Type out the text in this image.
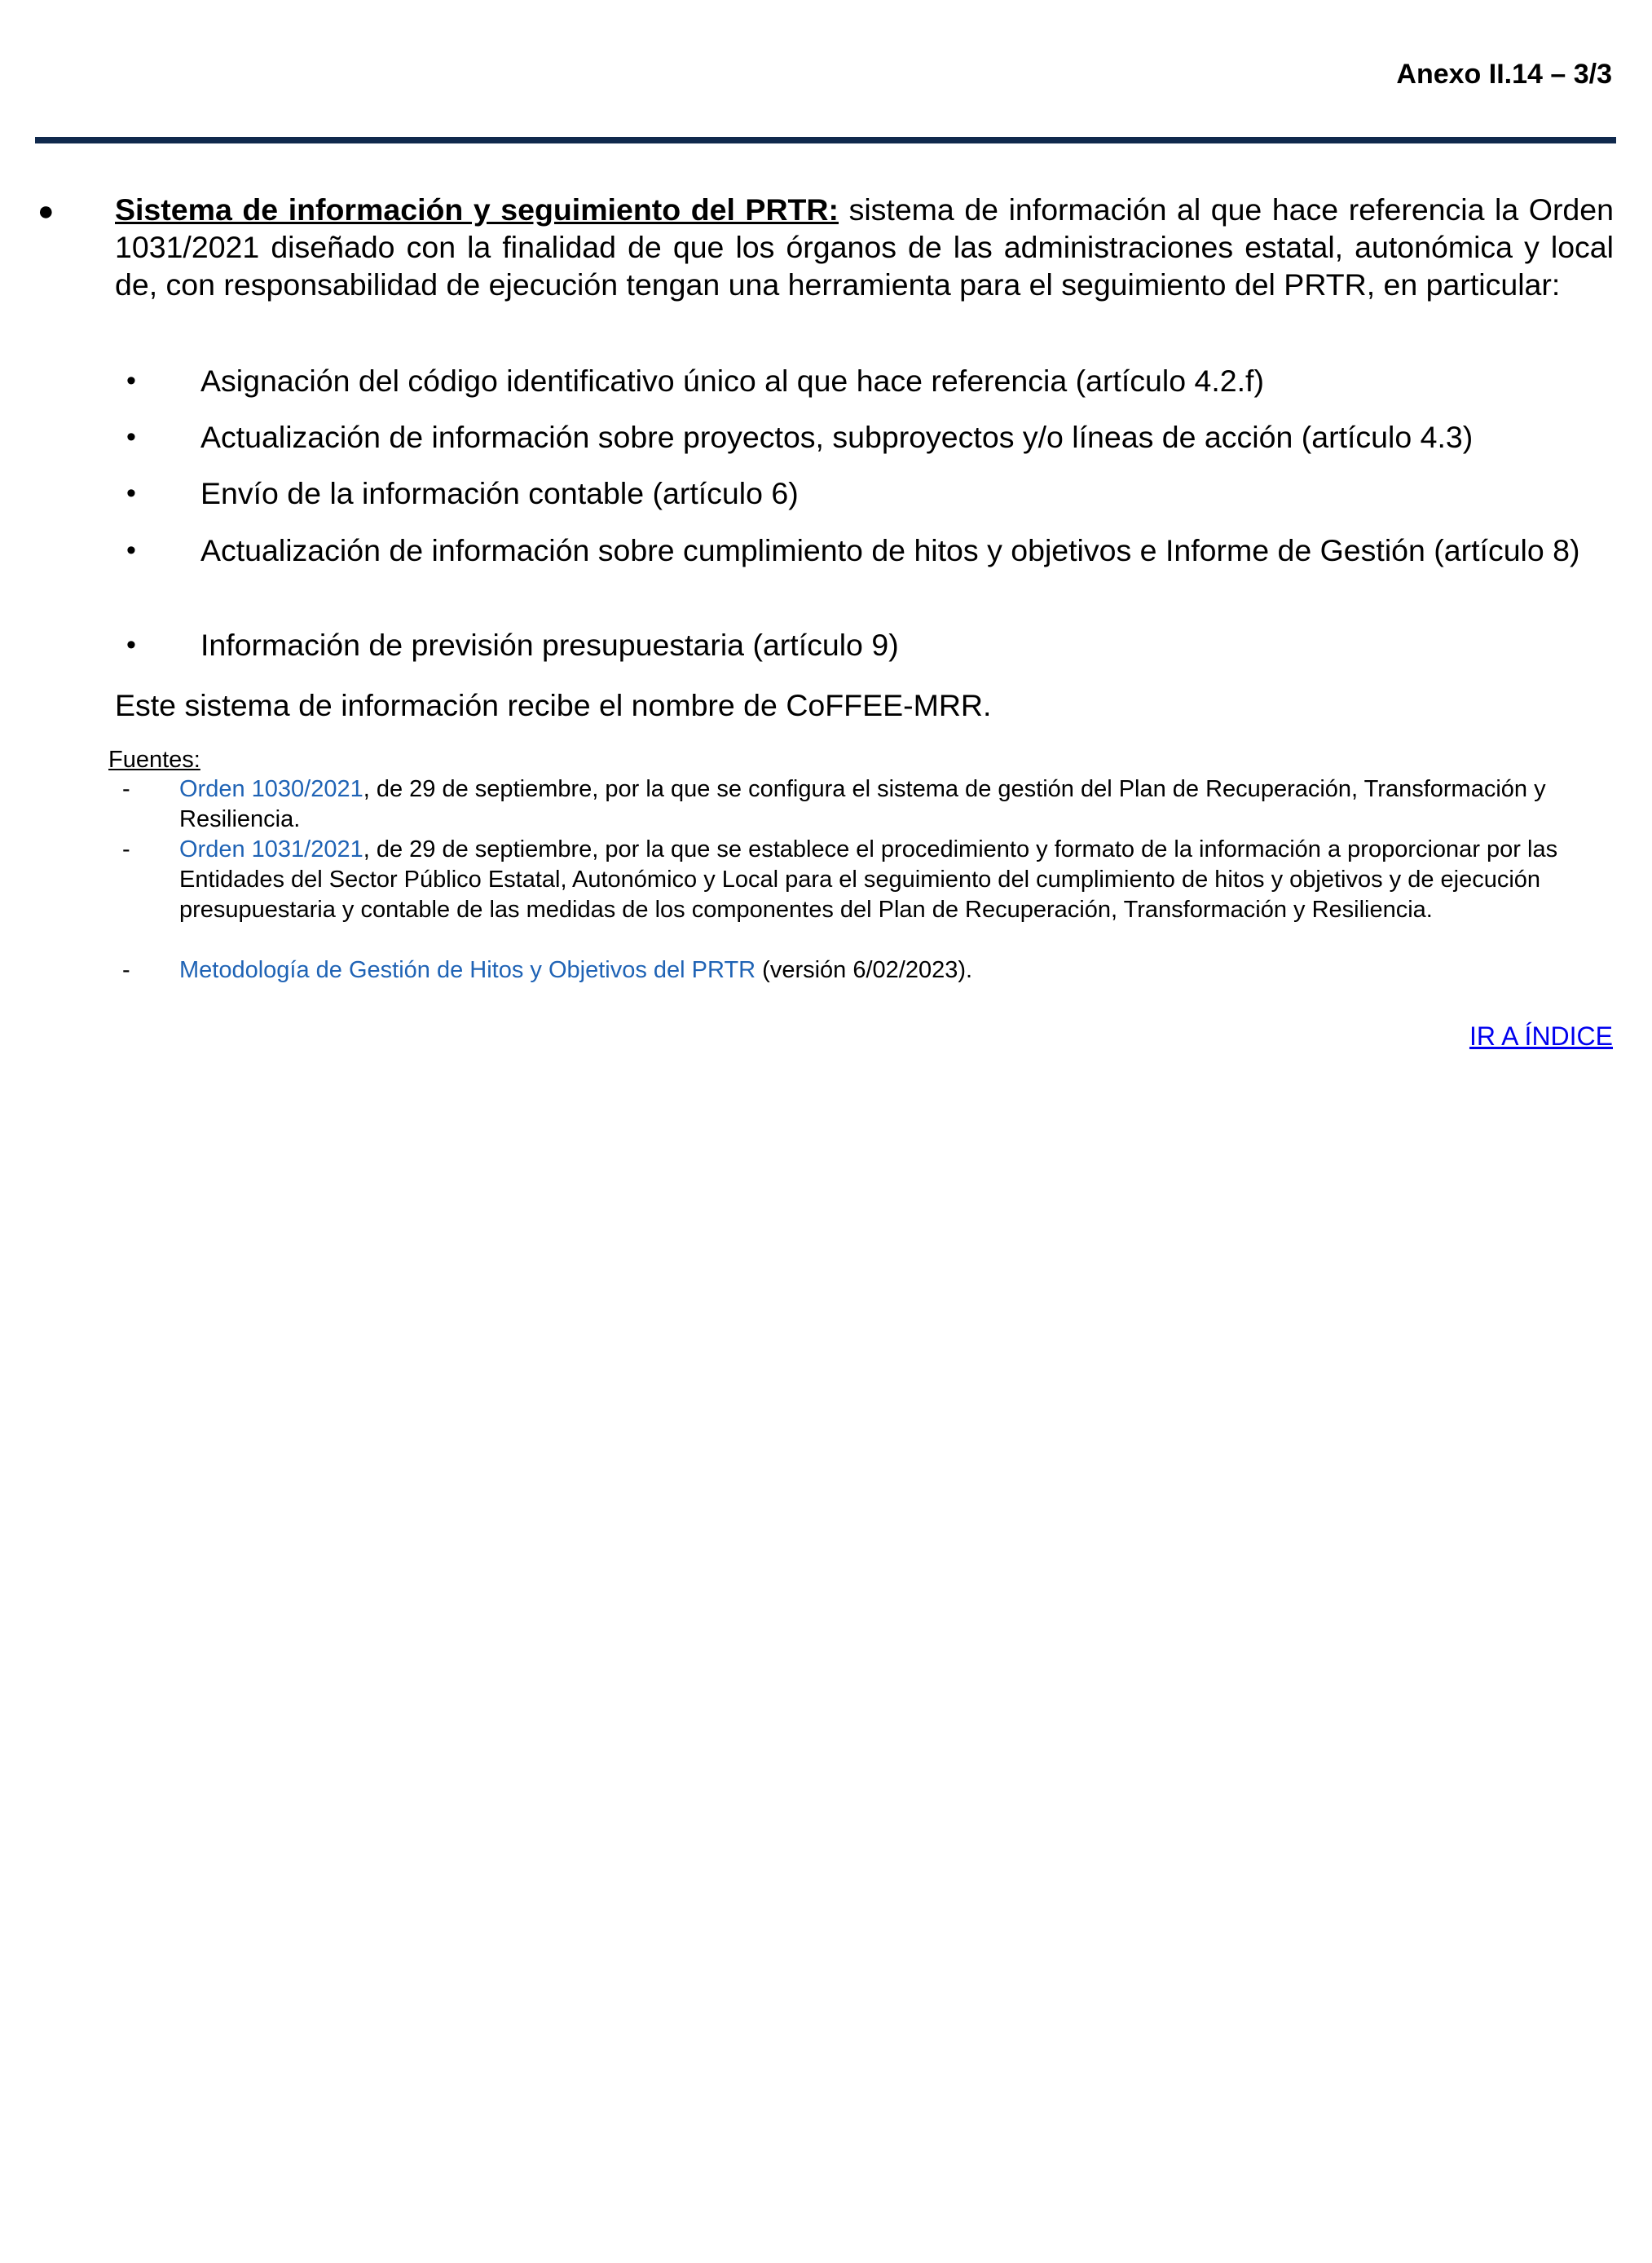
Anexo II.14 – 3/3
● Sistema de información y seguimiento del PRTR: sistema de información al que hace referencia la Orden 1031/2021 diseñado con la finalidad de que los órganos de las administraciones estatal, autonómica y local de, con responsabilidad de ejecución tengan una herramienta para el seguimiento del PRTR, en particular:

• Asignación del código identificativo único al que hace referencia (artículo 4.2.f)
• Actualización de información sobre proyectos, subproyectos y/o líneas de acción (artículo 4.3)
• Envío de la información contable (artículo 6)
• Actualización de información sobre cumplimiento de hitos y objetivos e Informe de Gestión (artículo 8)
• Información de previsión presupuestaria (artículo 9)
Este sistema de información recibe el nombre de CoFFEE-MRR.
Fuentes:
- Orden 1030/2021, de 29 de septiembre, por la que se configura el sistema de gestión del Plan de Recuperación, Transformación y Resiliencia.
- Orden 1031/2021, de 29 de septiembre, por la que se establece el procedimiento y formato de la información a proporcionar por las Entidades del Sector Público Estatal, Autonómico y Local para el seguimiento del cumplimiento de hitos y objetivos y de ejecución presupuestaria y contable de las medidas de los componentes del Plan de Recuperación, Transformación y Resiliencia.
- Metodología de Gestión de Hitos y Objetivos del PRTR (versión 6/02/2023).
IR A ÍNDICE
